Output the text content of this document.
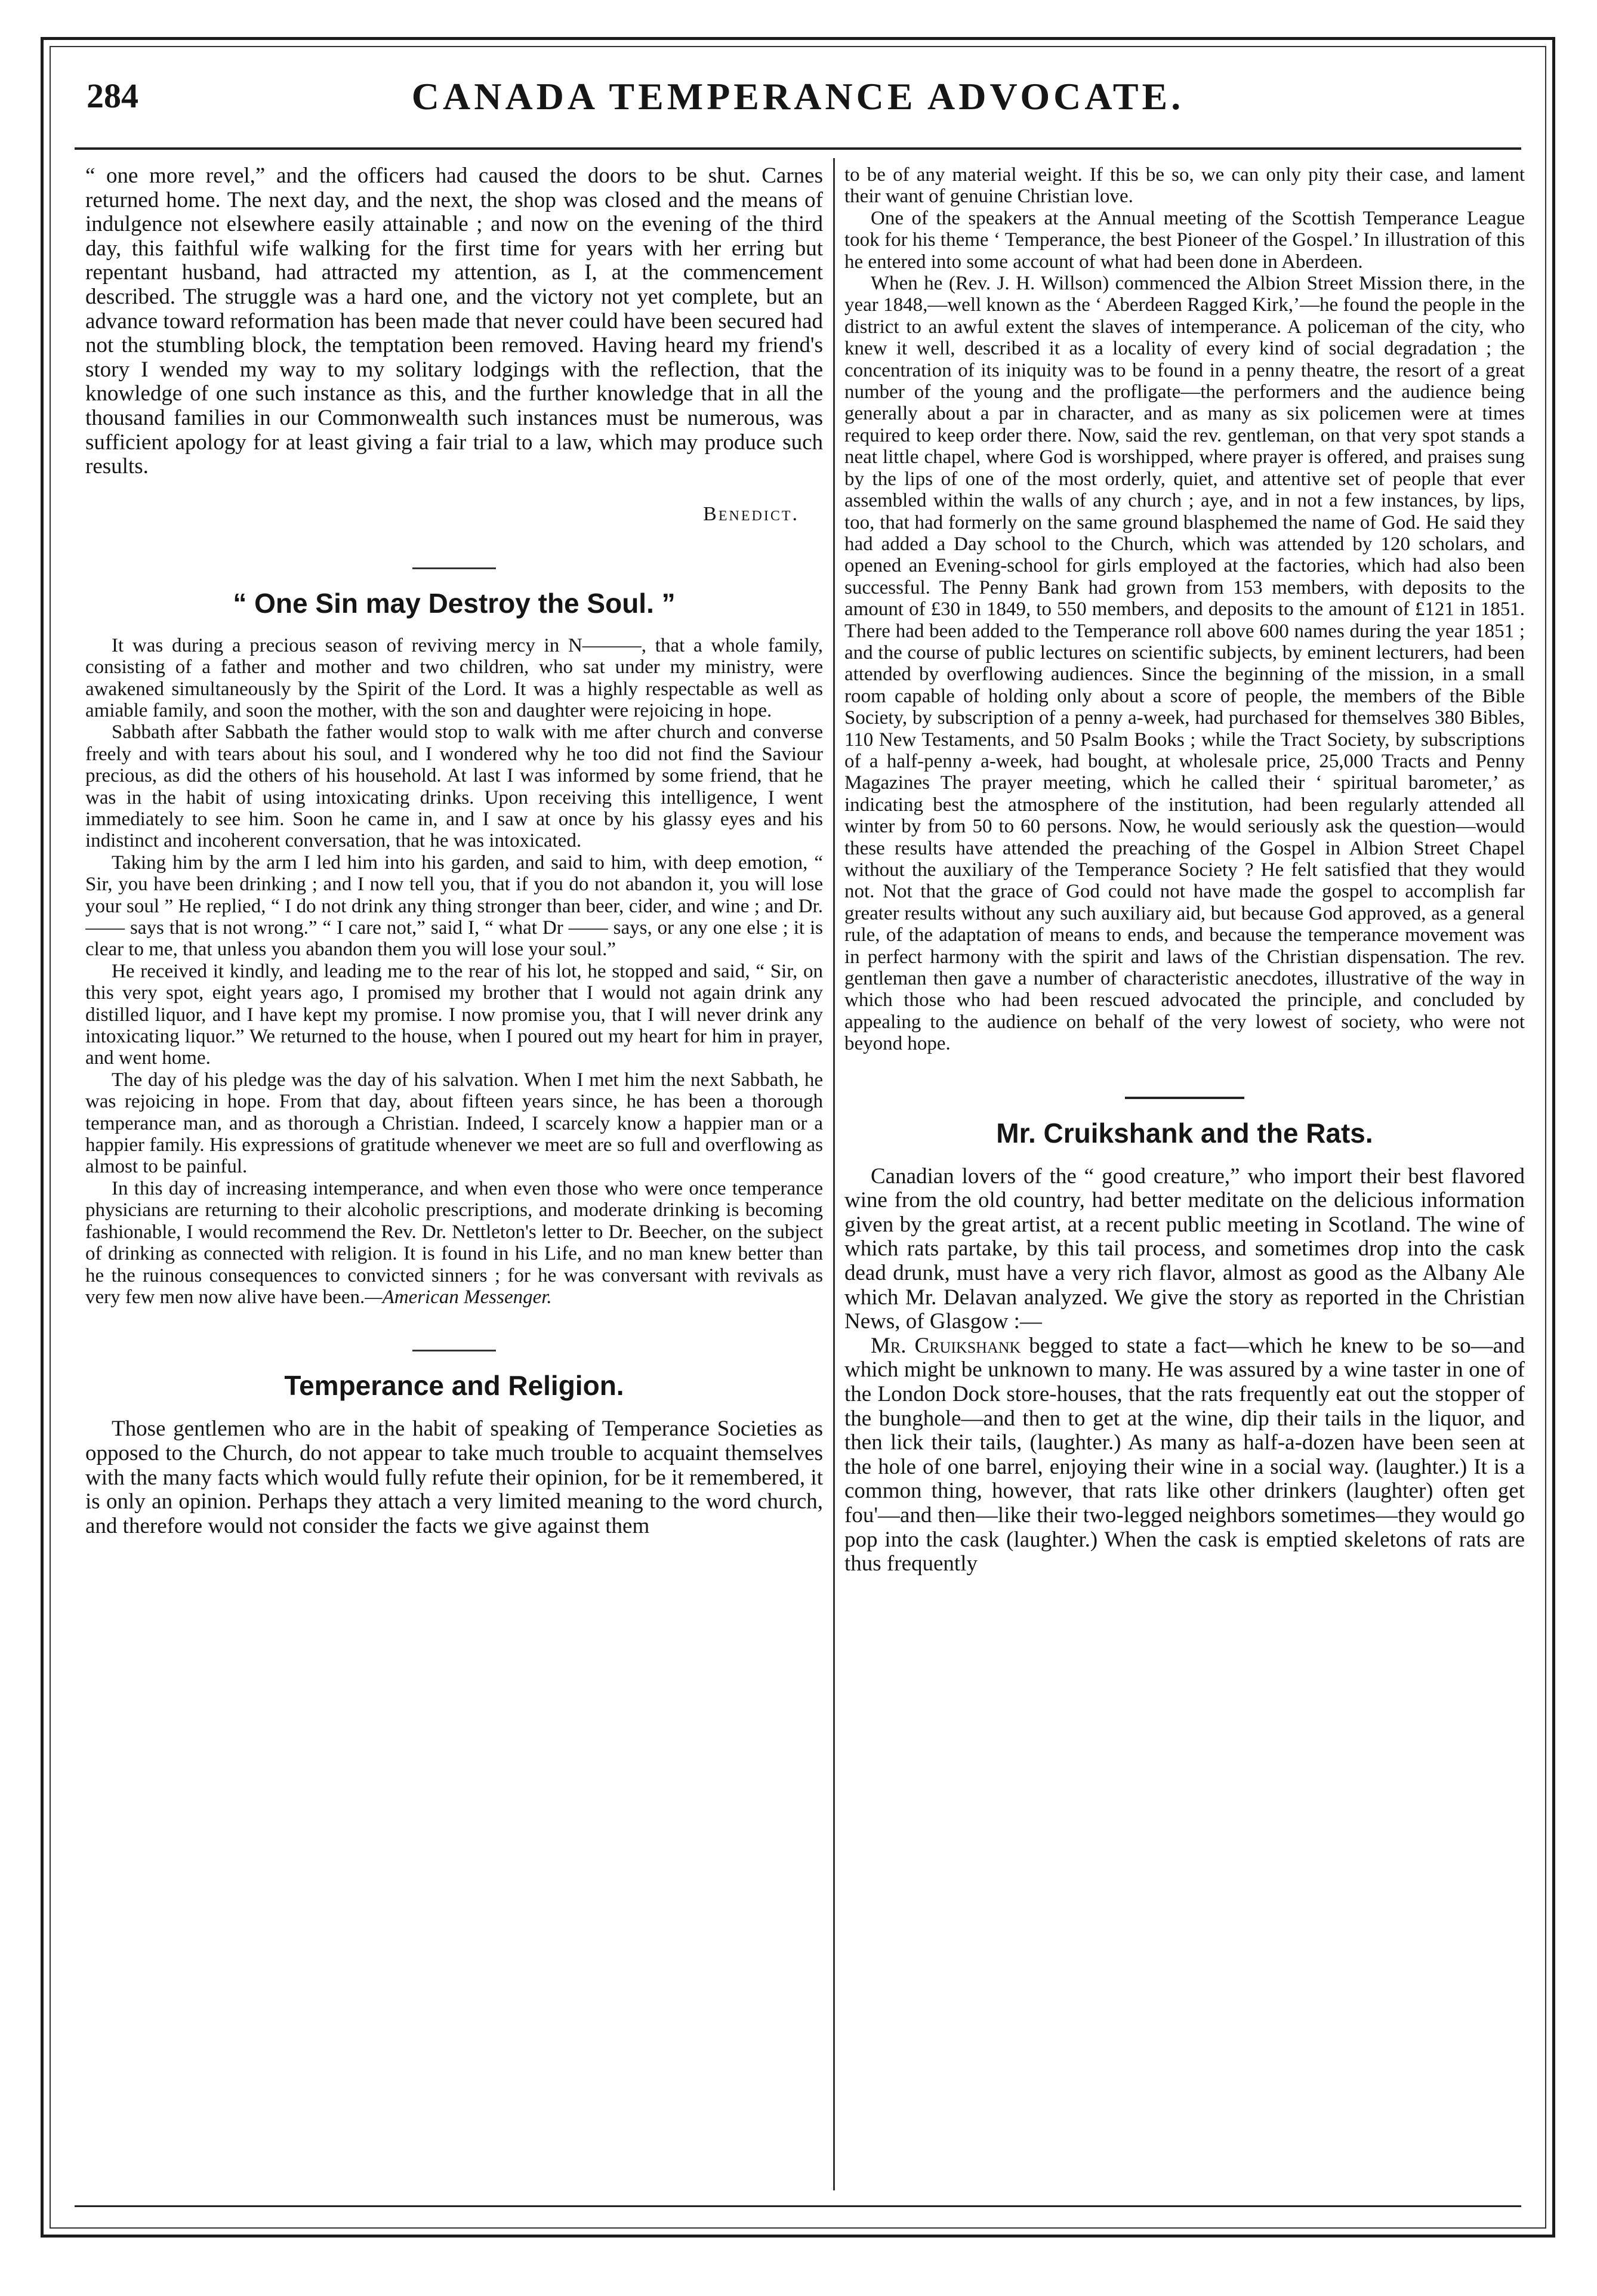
284	CANADA TEMPERANCE ADVOCATE.

“ one more revel,” and the officers had caused the doors to be shut. Carnes returned home. The next day, and the next, the shop was closed and the means of indulgence not elsewhere easily attainable ; and now on the evening of the third day, this faithful wife walking for the first time for years with her erring but repentant husband, had attracted my attention, as I, at the commencement described. The struggle was a hard one, and the victory not yet complete, but an advance toward reformation has been made that never could have been secured had not the stumbling block, the temptation been removed. Having heard my friend's story I wended my way to my solitary lodgings with the reflection, that the knowledge of one such instance as this, and the further knowledge that in all the thousand families in our Commonwealth such instances must be numerous, was sufficient apology for at least giving a fair trial to a law, which may produce such results.

Benedict.
“ One Sin may Destroy the Soul. ”

It was during a precious season of reviving mercy in N———, that a whole family, consisting of a father and mother and two children, who sat under my ministry, were awakened simultaneously by the Spirit of the Lord. It was a highly respectable as well as amiable family, and soon the mother, with the son and daughter were rejoicing in hope.

Sabbath after Sabbath the father would stop to walk with me after church and converse freely and with tears about his soul, and I wondered why he too did not find the Saviour precious, as did the others of his household. At last I was informed by some friend, that he was in the habit of using intoxicating drinks. Upon receiving this intelligence, I went immediately to see him. Soon he came in, and I saw at once by his glassy eyes and his indistinct and incoherent conversation, that he was intoxicated.

Taking him by the arm I led him into his garden, and said to him, with deep emotion, “ Sir, you have been drinking ; and I now tell you, that if you do not abandon it, you will lose your soul ” He replied, “ I do not drink any thing stronger than beer, cider, and wine ; and Dr. —— says that is not wrong.” “ I care not,” said I, “ what Dr —— says, or any one else ; it is clear to me, that unless you abandon them you will lose your soul.”

He received it kindly, and leading me to the rear of his lot, he stopped and said, “ Sir, on this very spot, eight years ago, I promised my brother that I would not again drink any distilled liquor, and I have kept my promise. I now promise you, that I will never drink any intoxicating liquor.” We returned to the house, when I poured out my heart for him in prayer, and went home.

The day of his pledge was the day of his salvation. When I met him the next Sabbath, he was rejoicing in hope. From that day, about fifteen years since, he has been a thorough temperance man, and as thorough a Christian. Indeed, I scarcely know a happier man or a happier family. His expressions of gratitude whenever we meet are so full and overflowing as almost to be painful.

In this day of increasing intemperance, and when even those who were once temperance physicians are returning to their alcoholic prescriptions, and moderate drinking is becoming fashionable, I would recommend the Rev. Dr. Nettleton's letter to Dr. Beecher, on the subject of drinking as connected with religion. It is found in his Life, and no man knew better than he the ruinous consequences to convicted sinners ; for he was conversant with revivals as very few men now alive have been.—American Messenger.

Temperance and Religion.

Those gentlemen who are in the habit of speaking of Temperance Societies as opposed to the Church, do not appear to take much trouble to acquaint themselves with the many facts which would fully refute their opinion, for be it remembered, it is only an opinion. Perhaps they attach a very limited meaning to the word church, and therefore would not consider the facts we give against them

to be of any material weight. If this be so, we can only pity their case, and lament their want of genuine Christian love.

One of the speakers at the Annual meeting of the Scottish Temperance League took for his theme ‘ Temperance, the best Pioneer of the Gospel.’ In illustration of this he entered into some account of what had been done in Aberdeen.

When he (Rev. J. H. Willson) commenced the Albion Street Mission there, in the year 1848,—well known as the ‘ Aberdeen Ragged Kirk,’—he found the people in the district to an awful extent the slaves of intemperance. A policeman of the city, who knew it well, described it as a locality of every kind of social degradation ; the concentration of its iniquity was to be found in a penny theatre, the resort of a great number of the young and the profligate—the performers and the audience being generally about a par in character, and as many as six policemen were at times required to keep order there. Now, said the rev. gentleman, on that very spot stands a neat little chapel, where God is worshipped, where prayer is offered, and praises sung by the lips of one of the most orderly, quiet, and attentive set of people that ever assembled within the walls of any church ; aye, and in not a few instances, by lips, too, that had formerly on the same ground blasphemed the name of God. He said they had added a Day school to the Church, which was attended by 120 scholars, and opened an Evening-school for girls employed at the factories, which had also been successful. The Penny Bank had grown from 153 members, with deposits to the amount of £30 in 1849, to 550 members, and deposits to the amount of £121 in 1851. There had been added to the Temperance roll above 600 names during the year 1851 ; and the course of public lectures on scientific subjects, by eminent lecturers, had been attended by overflowing audiences. Since the beginning of the mission, in a small room capable of holding only about a score of people, the members of the Bible Society, by subscription of a penny a-week, had purchased for themselves 380 Bibles, 110 New Testaments, and 50 Psalm Books ; while the Tract Society, by subscriptions of a half-penny a-week, had bought, at wholesale price, 25,000 Tracts and Penny Magazines The prayer meeting, which he called their ‘ spiritual barometer,’ as indicating best the atmosphere of the institution, had been regularly attended all winter by from 50 to 60 persons. Now, he would seriously ask the question—would these results have attended the preaching of the Gospel in Albion Street Chapel without the auxiliary of the Temperance Society ? He felt satisfied that they would not. Not that the grace of God could not have made the gospel to accomplish far greater results without any such auxiliary aid, but because God approved, as a general rule, of the adaptation of means to ends, and because the temperance movement was in perfect harmony with the spirit and laws of the Christian dispensation. The rev. gentleman then gave a number of characteristic anecdotes, illustrative of the way in which those who had been rescued advocated the principle, and concluded by appealing to the audience on behalf of the very lowest of society, who were not beyond hope.

Mr. Cruikshank and the Rats.

Canadian lovers of the “ good creature,” who import their best flavored wine from the old country, had better meditate on the delicious information given by the great artist, at a recent public meeting in Scotland. The wine of which rats partake, by this tail process, and sometimes drop into the cask dead drunk, must have a very rich flavor, almost as good as the Albany Ale which Mr. Delavan analyzed. We give the story as reported in the Christian News, of Glasgow :—

Mr. Cruikshank begged to state a fact—which he knew to be so—and which might be unknown to many. He was assured by a wine taster in one of the London Dock store-houses, that the rats frequently eat out the stopper of the bunghole—and then to get at the wine, dip their tails in the liquor, and then lick their tails, (laughter.) As many as half-a-dozen have been seen at the hole of one barrel, enjoying their wine in a social way. (laughter.) It is a common thing, however, that rats like other drinkers (laughter) often get fou'—and then—like their two-legged neighbors sometimes—they would go pop into the cask (laughter.) When the cask is emptied skeletons of rats are thus frequently
